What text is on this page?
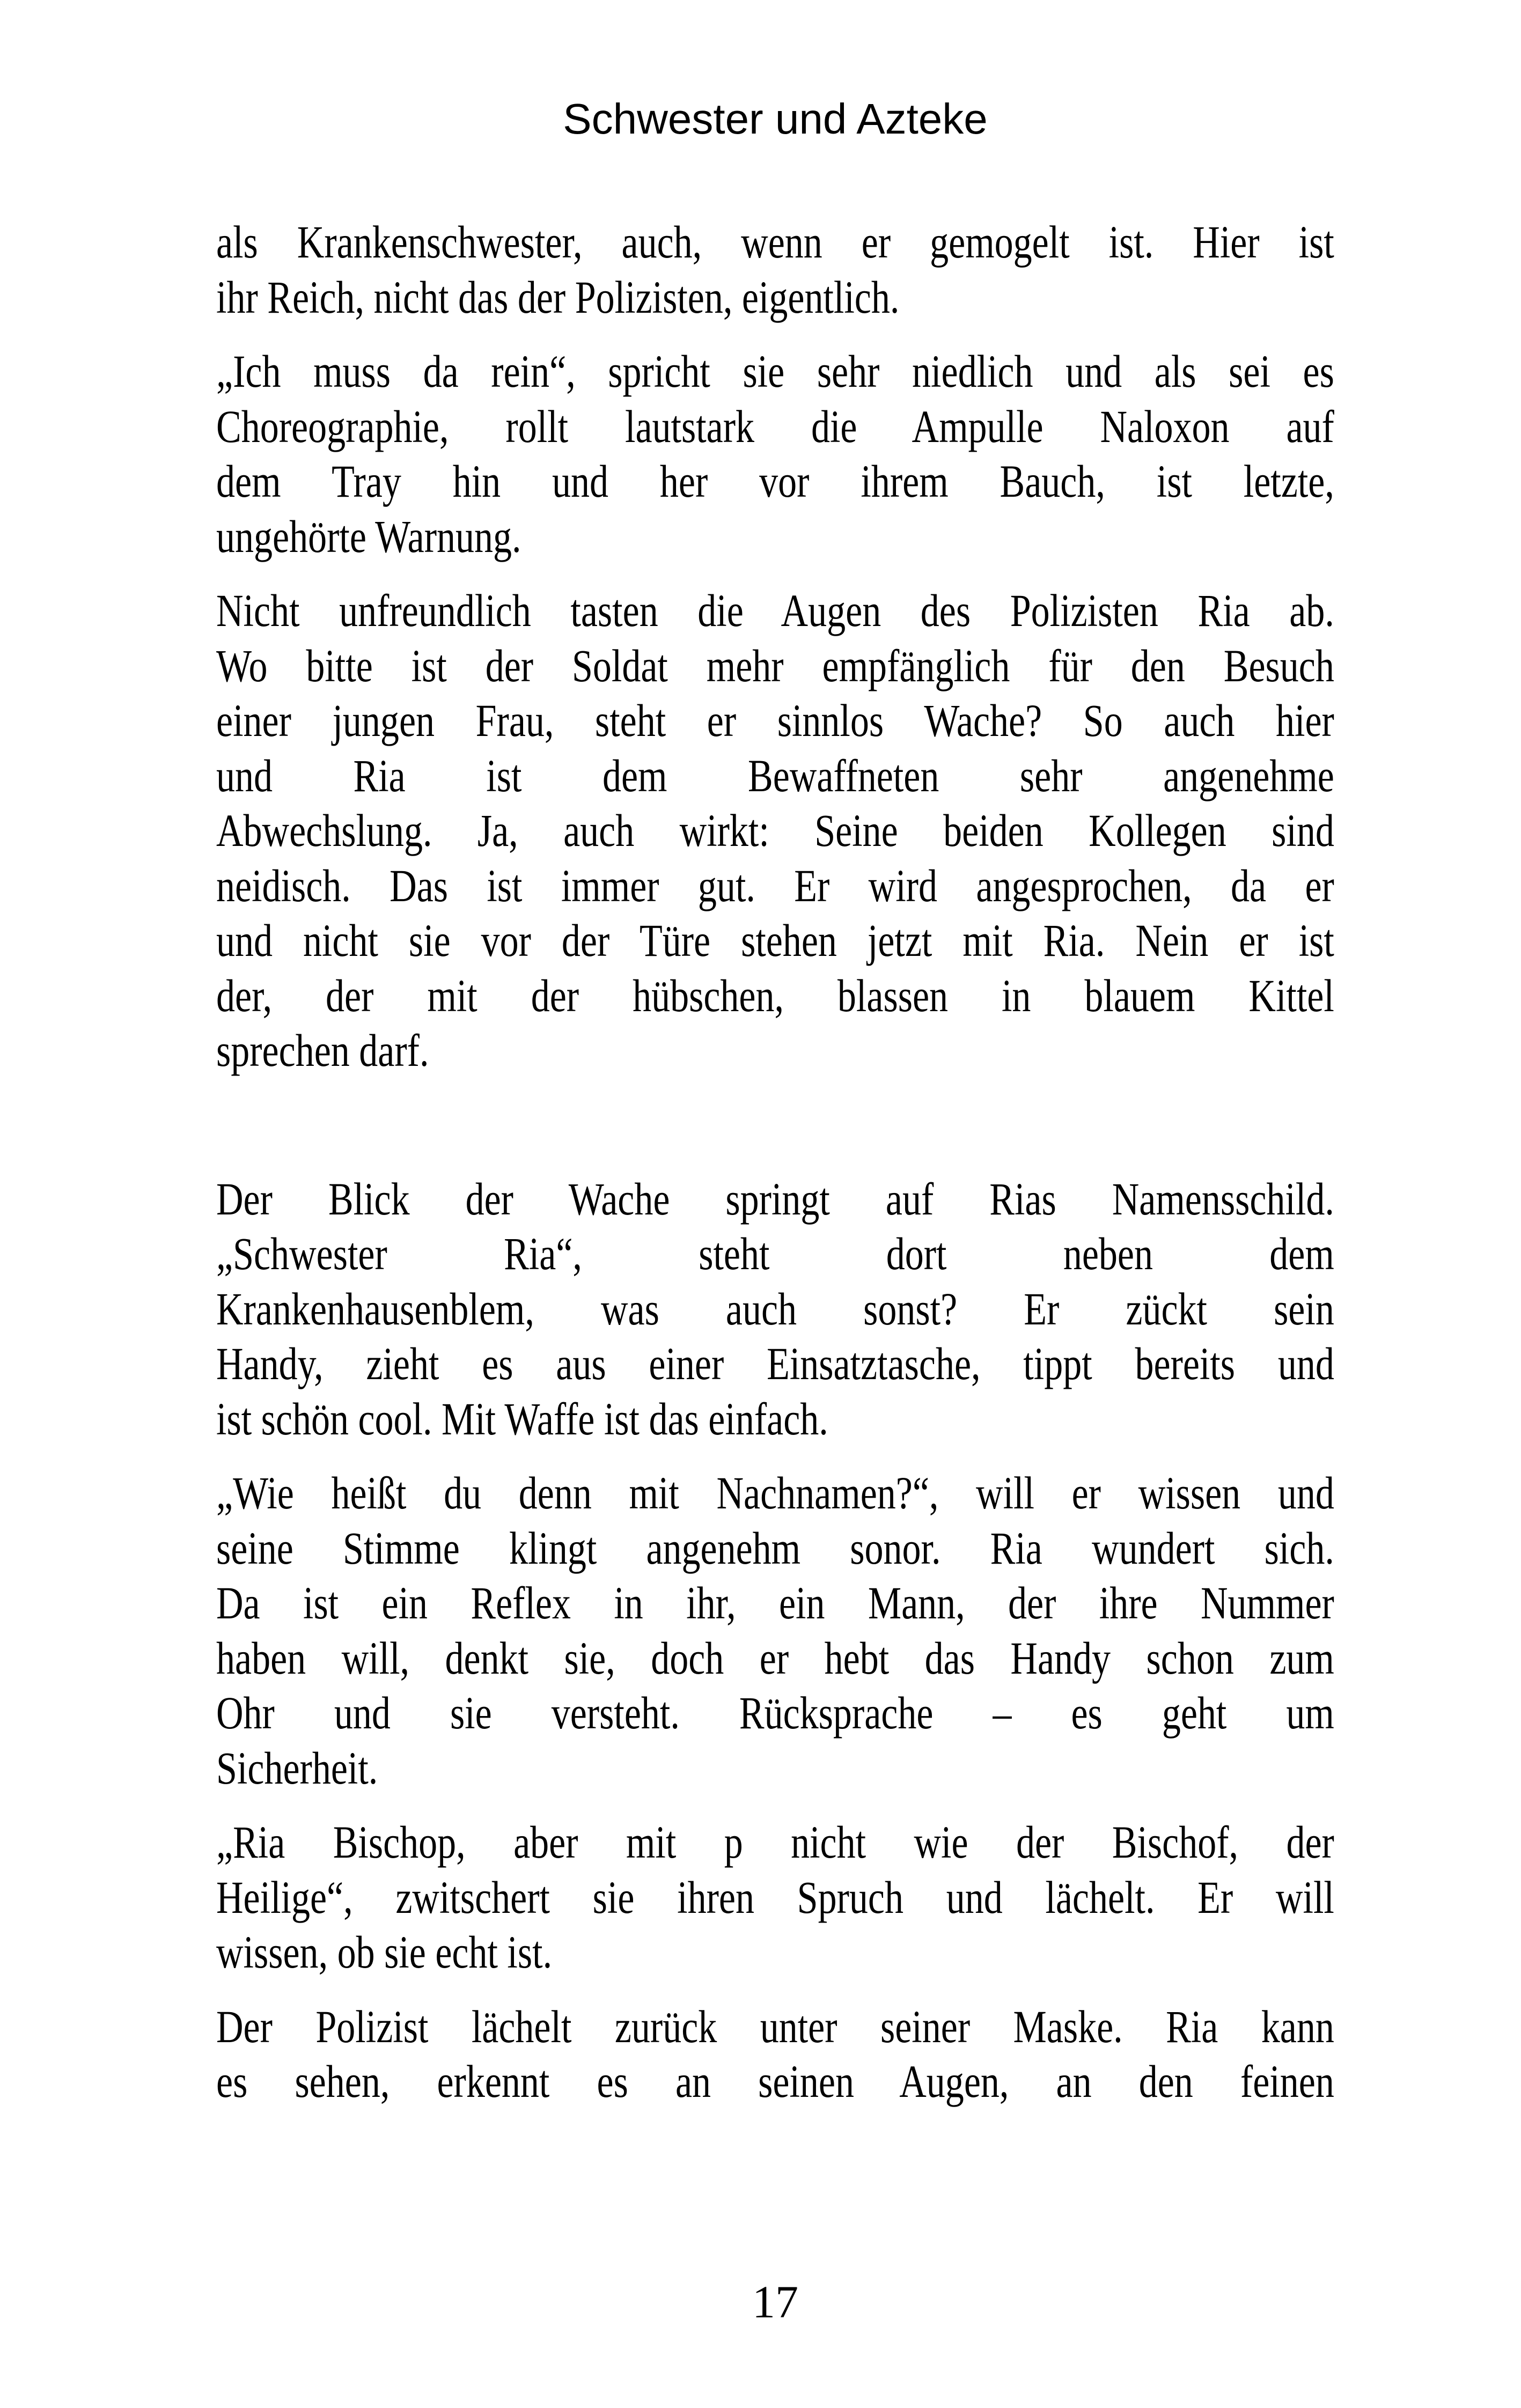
Schwester und Azteke
als Krankenschwester, auch, wenn er gemogelt ist. Hier ist
ihr Reich, nicht das der Polizisten, eigentlich.
„Ich muss da rein“, spricht sie sehr niedlich und als sei es
Choreographie, rollt lautstark die Ampulle Naloxon auf
dem Tray hin und her vor ihrem Bauch, ist letzte,
ungehörte Warnung.
Nicht unfreundlich tasten die Augen des Polizisten Ria ab.
Wo bitte ist der Soldat mehr empfänglich für den Besuch
einer jungen Frau, steht er sinnlos Wache? So auch hier
und Ria ist dem Bewaffneten sehr angenehme
Abwechslung. Ja, auch wirkt: Seine beiden Kollegen sind
neidisch. Das ist immer gut. Er wird angesprochen, da er
und nicht sie vor der Türe stehen jetzt mit Ria. Nein er ist
der, der mit der hübschen, blassen in blauem Kittel
sprechen darf.
Der Blick der Wache springt auf Rias Namensschild.
„Schwester Ria“, steht dort neben dem
Krankenhausenblem, was auch sonst? Er zückt sein
Handy, zieht es aus einer Einsatztasche, tippt bereits und
ist schön cool. Mit Waffe ist das einfach.
„Wie heißt du denn mit Nachnamen?“, will er wissen und
seine Stimme klingt angenehm sonor. Ria wundert sich.
Da ist ein Reflex in ihr, ein Mann, der ihre Nummer
haben will, denkt sie, doch er hebt das Handy schon zum
Ohr und sie versteht. Rücksprache – es geht um
Sicherheit.
„Ria Bischop, aber mit p nicht wie der Bischof, der
Heilige“, zwitschert sie ihren Spruch und lächelt. Er will
wissen, ob sie echt ist.
Der Polizist lächelt zurück unter seiner Maske. Ria kann
es sehen, erkennt es an seinen Augen, an den feinen
17
